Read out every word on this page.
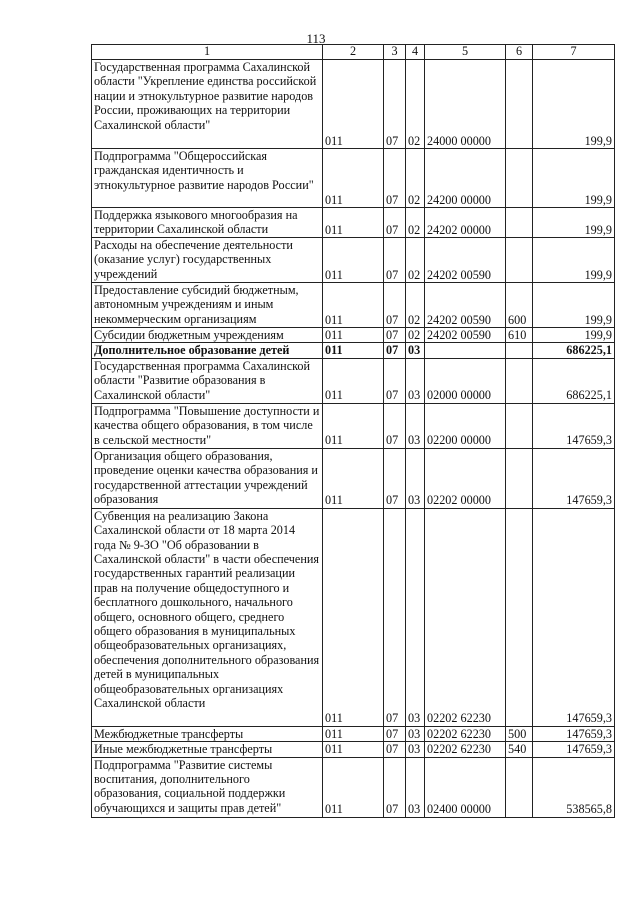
113
1	2	3	4	5	6	7
Государственная программа Сахалинской области "Укрепление единства российской нации и этнокультурное развитие народов России, проживающих на территории Сахалинской области"	011	07	02	24000 00000		199,9
Подпрограмма "Общероссийская гражданская идентичность и этнокультурное развитие народов России"	011	07	02	24200 00000		199,9
Поддержка языкового многообразия на территории Сахалинской области	011	07	02	24202 00000		199,9
Расходы на обеспечение деятельности (оказание услуг) государственных учреждений	011	07	02	24202 00590		199,9
Предоставление субсидий бюджетным, автономным учреждениям и иным некоммерческим организациям	011	07	02	24202 00590	600	199,9
Субсидии бюджетным учреждениям	011	07	02	24202 00590	610	199,9
Дополнительное образование детей	011	07	03			686225,1
Государственная программа Сахалинской области "Развитие образования в Сахалинской области"	011	07	03	02000 00000		686225,1
Подпрограмма "Повышение доступности и качества общего образования, в том числе в сельской местности"	011	07	03	02200 00000		147659,3
Организация общего образования, проведение оценки качества образования и государственной аттестации учреждений образования	011	07	03	02202 00000		147659,3
Субвенция на реализацию Закона Сахалинской области от 18 марта 2014 года № 9-ЗО "Об образовании в Сахалинской области" в части обеспечения государственных гарантий реализации прав на получение общедоступного и бесплатного дошкольного, начального общего, основного общего, среднего общего образования в муниципальных общеобразовательных организациях, обеспечения дополнительного образования детей в муниципальных общеобразовательных организациях Сахалинской области	011	07	03	02202 62230		147659,3
Межбюджетные трансферты	011	07	03	02202 62230	500	147659,3
Иные межбюджетные трансферты	011	07	03	02202 62230	540	147659,3
Подпрограмма "Развитие системы воспитания, дополнительного образования, социальной поддержки обучающихся и защиты прав детей"	011	07	03	02400 00000		538565,8
